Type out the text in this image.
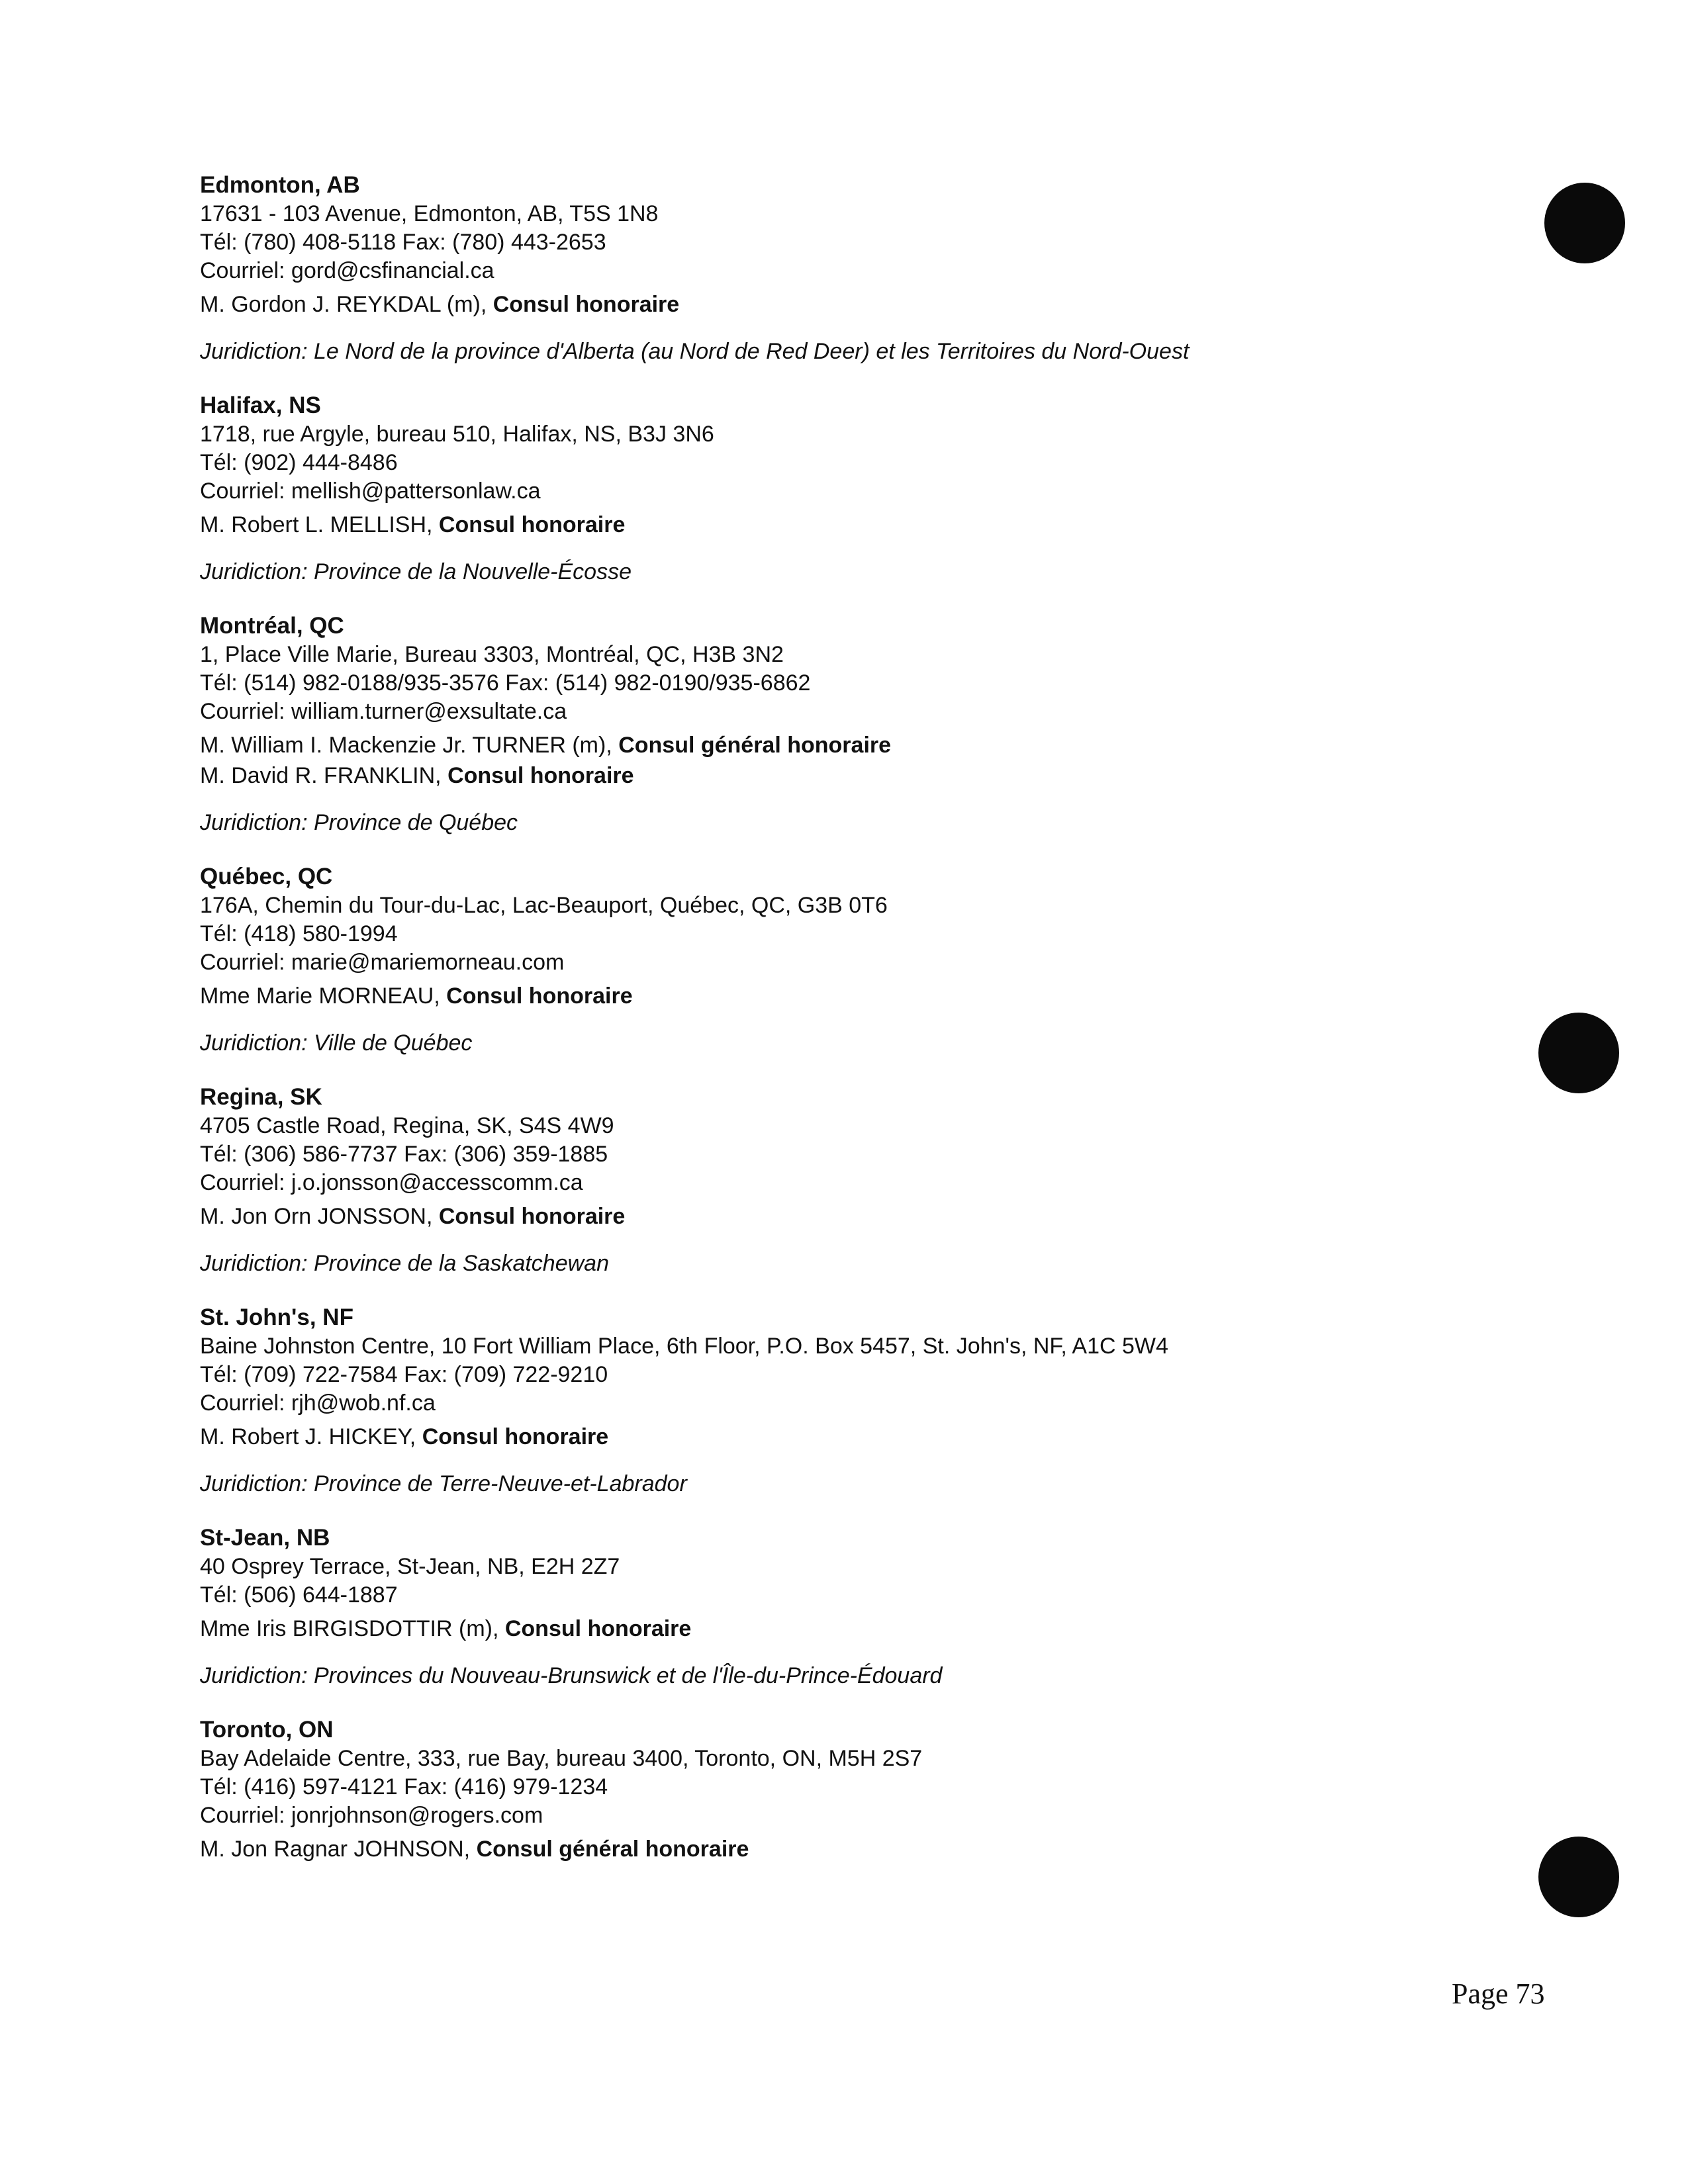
Edmonton, AB
17631 - 103 Avenue, Edmonton, AB, T5S 1N8
Tél: (780) 408-5118 Fax: (780) 443-2653
Courriel: gord@csfinancial.ca
M. Gordon J. REYKDAL (m), Consul honoraire
Juridiction: Le Nord de la province d'Alberta (au Nord de Red Deer) et les Territoires du Nord-Ouest
Halifax, NS
1718, rue Argyle, bureau 510, Halifax, NS, B3J 3N6
Tél: (902) 444-8486
Courriel: mellish@pattersonlaw.ca
M. Robert L. MELLISH, Consul honoraire
Juridiction: Province de la Nouvelle-Écosse
Montréal, QC
1, Place Ville Marie, Bureau 3303, Montréal, QC, H3B 3N2
Tél: (514) 982-0188/935-3576 Fax: (514) 982-0190/935-6862
Courriel: william.turner@exsultate.ca
M. William I. Mackenzie Jr. TURNER (m), Consul général honoraire
M. David R. FRANKLIN, Consul honoraire
Juridiction: Province de Québec
Québec, QC
176A, Chemin du Tour-du-Lac, Lac-Beauport, Québec, QC, G3B 0T6
Tél: (418) 580-1994
Courriel: marie@mariemorneau.com
Mme Marie MORNEAU, Consul honoraire
Juridiction: Ville de Québec
Regina, SK
4705 Castle Road, Regina, SK, S4S 4W9
Tél: (306) 586-7737 Fax: (306) 359-1885
Courriel: j.o.jonsson@accesscomm.ca
M. Jon Orn JONSSON, Consul honoraire
Juridiction: Province de la Saskatchewan
St. John's, NF
Baine Johnston Centre, 10 Fort William Place, 6th Floor, P.O. Box 5457, St. John's, NF, A1C 5W4
Tél: (709) 722-7584 Fax: (709) 722-9210
Courriel: rjh@wob.nf.ca
M. Robert J. HICKEY, Consul honoraire
Juridiction: Province de Terre-Neuve-et-Labrador
St-Jean, NB
40 Osprey Terrace, St-Jean, NB, E2H 2Z7
Tél: (506) 644-1887
Mme Iris BIRGISDOTTIR (m), Consul honoraire
Juridiction: Provinces du Nouveau-Brunswick et de l'Île-du-Prince-Édouard
Toronto, ON
Bay Adelaide Centre, 333, rue Bay, bureau 3400, Toronto, ON, M5H 2S7
Tél: (416) 597-4121 Fax: (416) 979-1234
Courriel: jonrjohnson@rogers.com
M. Jon Ragnar JOHNSON, Consul général honoraire
Page 73
